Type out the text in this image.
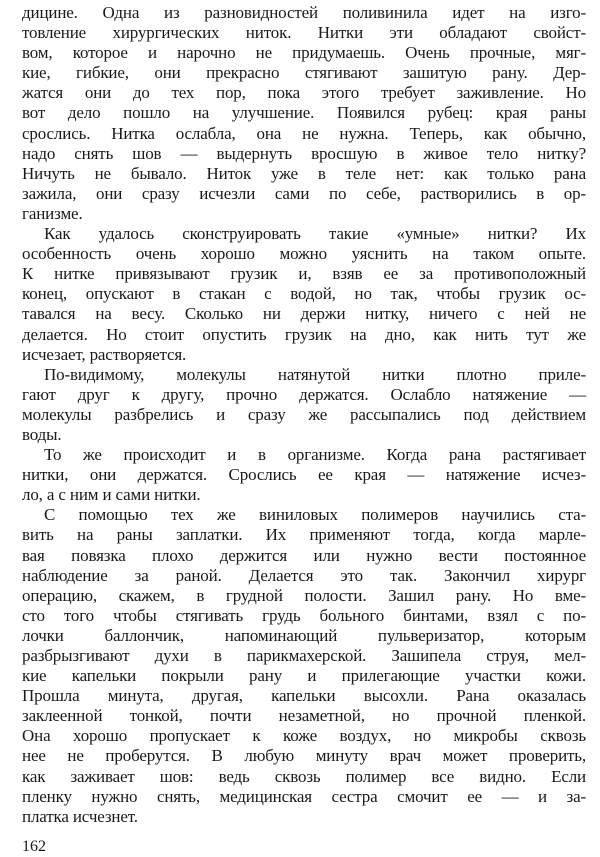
дицине. Одна из разновидностей поливинила идет на изго-
товление хирургических ниток. Нитки эти обладают свойст-
вом, которое и нарочно не придумаешь. Очень прочные, мяг-
кие, гибкие, они прекрасно стягивают зашитую рану. Дер-
жатся они до тех пор, пока этого требует заживление. Но
вот дело пошло на улучшение. Появился рубец: края раны
срослись. Нитка ослабла, она не нужна. Теперь, как обычно,
надо снять шов — выдернуть вросшую в живое тело нитку?
Ничуть не бывало. Ниток уже в теле нет: как только рана
зажила, они сразу исчезли сами по себе, растворились в ор-
ганизме.
Как удалось сконструировать такие «умные» нитки? Их
особенность очень хорошо можно уяснить на таком опыте.
К нитке привязывают грузик и, взяв ее за противоположный
конец, опускают в стакан с водой, но так, чтобы грузик ос-
тавался на весу. Сколько ни держи нитку, ничего с ней не
делается. Но стоит опустить грузик на дно, как нить тут же
исчезает, растворяется.
По-видимому, молекулы натянутой нитки плотно приле-
гают друг к другу, прочно держатся. Ослабло натяжение —
молекулы разбрелись и сразу же рассыпались под действием
воды.
То же происходит и в организме. Когда рана растягивает
нитки, они держатся. Срослись ее края — натяжение исчез-
ло, а с ним и сами нитки.
С помощью тех же виниловых полимеров научились ста-
вить на раны заплатки. Их применяют тогда, когда марле-
вая повязка плохо держится или нужно вести постоянное
наблюдение за раной. Делается это так. Закончил хирург
операцию, скажем, в грудной полости. Зашил рану. Но вме-
сто того чтобы стягивать грудь больного бинтами, взял с по-
лочки баллончик, напоминающий пульверизатор, которым
разбрызгивают духи в парикмахерской. Зашипела струя, мел-
кие капельки покрыли рану и прилегающие участки кожи.
Прошла минута, другая, капельки высохли. Рана оказалась
заклеенной тонкой, почти незаметной, но прочной пленкой.
Она хорошо пропускает к коже воздух, но микробы сквозь
нее не проберутся. В любую минуту врач может проверить,
как заживает шов: ведь сквозь полимер все видно. Если
пленку нужно снять, медицинская сестра смочит ее — и за-
платка исчезнет.
162
